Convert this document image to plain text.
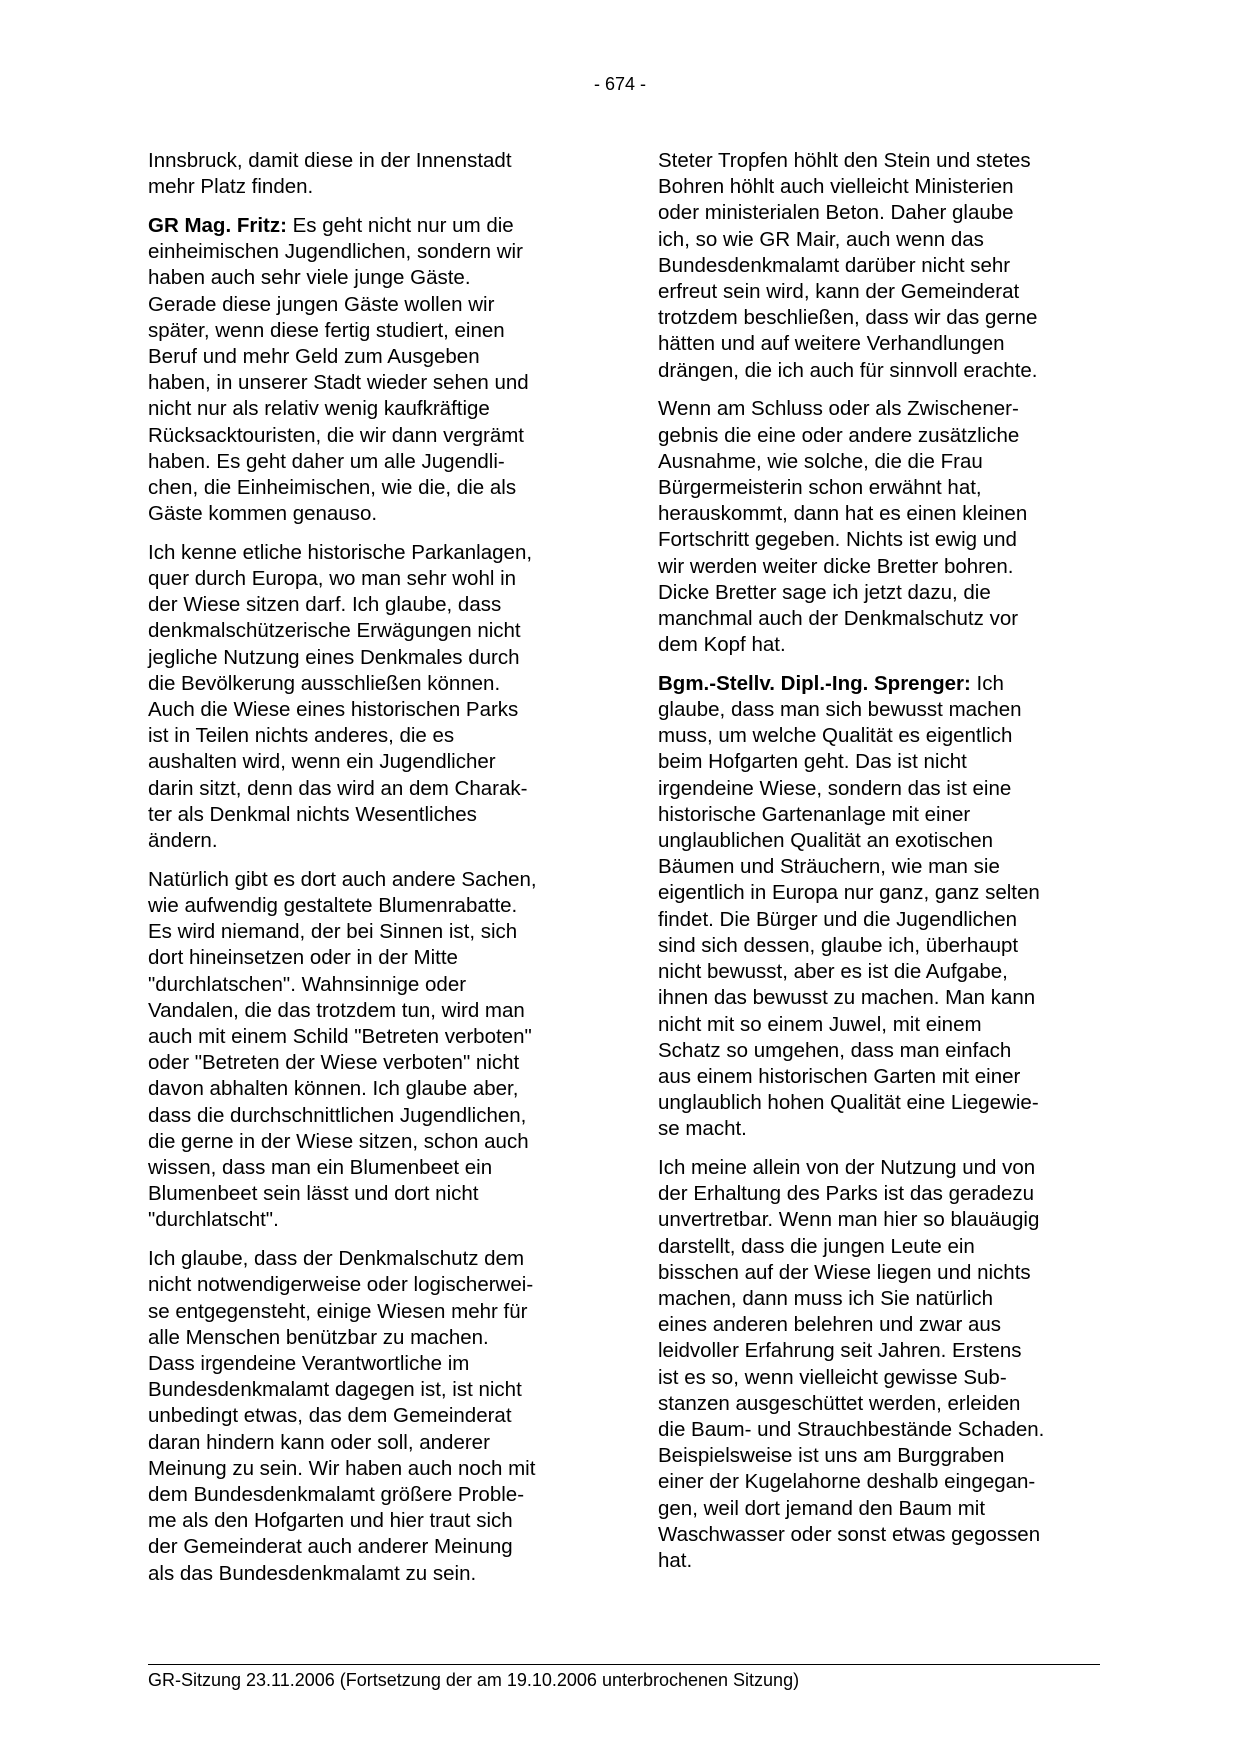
- 674 -

Innsbruck, damit diese in der Innenstadt
mehr Platz finden.

GR Mag. Fritz: Es geht nicht nur um die
einheimischen Jugendlichen, sondern wir
haben auch sehr viele junge Gäste.
Gerade diese jungen Gäste wollen wir
später, wenn diese fertig studiert, einen
Beruf und mehr Geld zum Ausgeben
haben, in unserer Stadt wieder sehen und
nicht nur als relativ wenig kaufkräftige
Rücksacktouristen, die wir dann vergrämt
haben. Es geht daher um alle Jugendli-
chen, die Einheimischen, wie die, die als
Gäste kommen genauso.

Ich kenne etliche historische Parkanlagen,
quer durch Europa, wo man sehr wohl in
der Wiese sitzen darf. Ich glaube, dass
denkmalschützerische Erwägungen nicht
jegliche Nutzung eines Denkmales durch
die Bevölkerung ausschließen können.
Auch die Wiese eines historischen Parks
ist in Teilen nichts anderes, die es
aushalten wird, wenn ein Jugendlicher
darin sitzt, denn das wird an dem Charak-
ter als Denkmal nichts Wesentliches
ändern.

Natürlich gibt es dort auch andere Sachen,
wie aufwendig gestaltete Blumenrabatte.
Es wird niemand, der bei Sinnen ist, sich
dort hineinsetzen oder in der Mitte
"durchlatschen". Wahnsinnige oder
Vandalen, die das trotzdem tun, wird man
auch mit einem Schild "Betreten verboten"
oder "Betreten der Wiese verboten" nicht
davon abhalten können. Ich glaube aber,
dass die durchschnittlichen Jugendlichen,
die gerne in der Wiese sitzen, schon auch
wissen, dass man ein Blumenbeet ein
Blumenbeet sein lässt und dort nicht
"durchlatscht".

Ich glaube, dass der Denkmalschutz dem
nicht notwendigerweise oder logischerwei-
se entgegensteht, einige Wiesen mehr für
alle Menschen benützbar zu machen.
Dass irgendeine Verantwortliche im
Bundesdenkmalamt dagegen ist, ist nicht
unbedingt etwas, das dem Gemeinderat
daran hindern kann oder soll, anderer
Meinung zu sein. Wir haben auch noch mit
dem Bundesdenkmalamt größere Proble-
me als den Hofgarten und hier traut sich
der Gemeinderat auch anderer Meinung
als das Bundesdenkmalamt zu sein.

Steter Tropfen höhlt den Stein und stetes
Bohren höhlt auch vielleicht Ministerien
oder ministerialen Beton. Daher glaube
ich, so wie GR Mair, auch wenn das
Bundesdenkmalamt darüber nicht sehr
erfreut sein wird, kann der Gemeinderat
trotzdem beschließen, dass wir das gerne
hätten und auf weitere Verhandlungen
drängen, die ich auch für sinnvoll erachte.

Wenn am Schluss oder als Zwischener-
gebnis die eine oder andere zusätzliche
Ausnahme, wie solche, die die Frau
Bürgermeisterin schon erwähnt hat,
herauskommt, dann hat es einen kleinen
Fortschritt gegeben. Nichts ist ewig und
wir werden weiter dicke Bretter bohren.
Dicke Bretter sage ich jetzt dazu, die
manchmal auch der Denkmalschutz vor
dem Kopf hat.

Bgm.-Stellv. Dipl.-Ing. Sprenger: Ich
glaube, dass man sich bewusst machen
muss, um welche Qualität es eigentlich
beim Hofgarten geht. Das ist nicht
irgendeine Wiese, sondern das ist eine
historische Gartenanlage mit einer
unglaublichen Qualität an exotischen
Bäumen und Sträuchern, wie man sie
eigentlich in Europa nur ganz, ganz selten
findet. Die Bürger und die Jugendlichen
sind sich dessen, glaube ich, überhaupt
nicht bewusst, aber es ist die Aufgabe,
ihnen das bewusst zu machen. Man kann
nicht mit so einem Juwel, mit einem
Schatz so umgehen, dass man einfach
aus einem historischen Garten mit einer
unglaublich hohen Qualität eine Liegewie-
se macht.

Ich meine allein von der Nutzung und von
der Erhaltung des Parks ist das geradezu
unvertretbar. Wenn man hier so blauäugig
darstellt, dass die jungen Leute ein
bisschen auf der Wiese liegen und nichts
machen, dann muss ich Sie natürlich
eines anderen belehren und zwar aus
leidvoller Erfahrung seit Jahren. Erstens
ist es so, wenn vielleicht gewisse Sub-
stanzen ausgeschüttet werden, erleiden
die Baum- und Strauchbestände Schaden.
Beispielsweise ist uns am Burggraben
einer der Kugelahorne deshalb eingegan-
gen, weil dort jemand den Baum mit
Waschwasser oder sonst etwas gegossen
hat.

GR-Sitzung 23.11.2006 (Fortsetzung der am 19.10.2006 unterbrochenen Sitzung)
